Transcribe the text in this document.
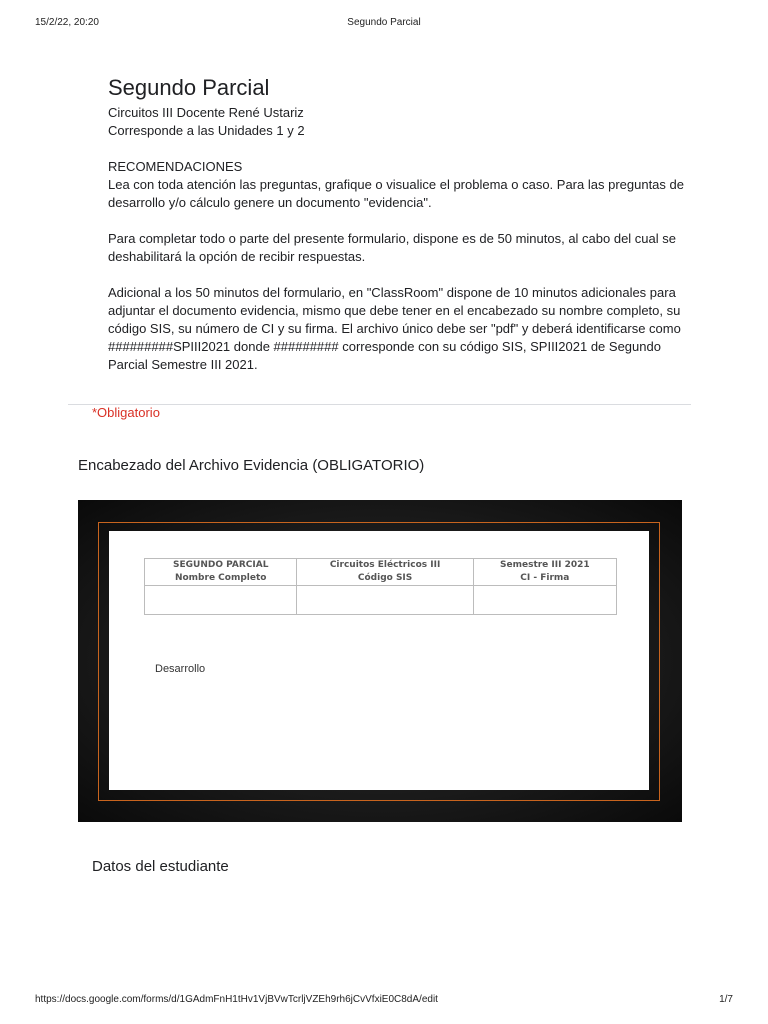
15/2/22, 20:20	Segundo Parcial
Segundo Parcial

Circuitos III Docente René Ustariz

Corresponde a las Unidades 1 y 2

RECOMENDACIONES

Lea con toda atención las preguntas, grafique o visualice el problema o caso. Para las preguntas de desarrollo y/o cálculo genere un documento "evidencia".

Para completar todo o parte del presente formulario, dispone es de 50 minutos, al cabo del cual se deshabilitará la opción de recibir respuestas.

Adicional a los 50 minutos del formulario, en "ClassRoom" dispone de 10 minutos adicionales para adjuntar el documento evidencia, mismo que debe tener en el encabezado su nombre completo, su código SIS, su número de CI y su firma. El archivo único debe ser "pdf" y deberá identificarse como #########SPIII2021 donde ######### corresponde con su código SIS, SPIII2021 de Segundo Parcial Semestre III 2021.

*Obligatorio
Encabezado del Archivo Evidencia (OBLIGATORIO)
SEGUNDO PARCIAL	Circuitos Eléctricos III	Semestre III 2021
Nombre Completo	Código SIS	CI - Firma

Desarrollo
Datos del estudiante
https://docs.google.com/forms/d/1GAdmFnH1tHv1VjBVwTcrljVZEh9rh6jCvVfxiE0C8dA/edit	1/7
